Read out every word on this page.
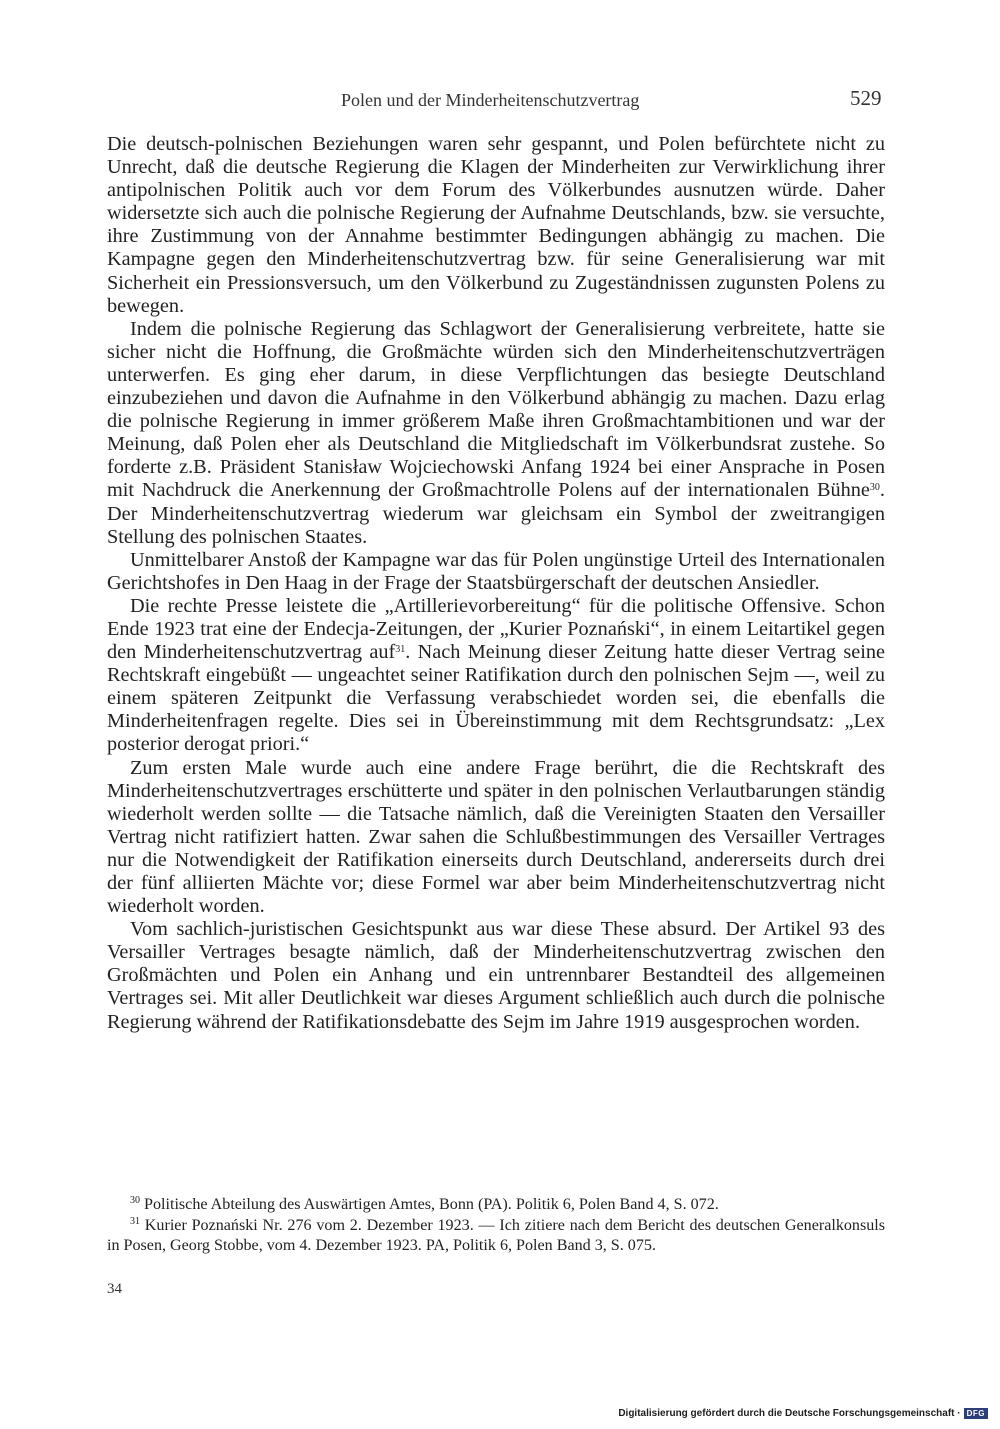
Polen und der Minderheitenschutzvertrag	529

Die deutsch-polnischen Beziehungen waren sehr gespannt, und Polen befürchtete nicht zu Unrecht, daß die deutsche Regierung die Klagen der Minderheiten zur Verwirklichung ihrer antipolnischen Politik auch vor dem Forum des Völkerbundes ausnutzen würde. Daher widersetzte sich auch die polnische Regierung der Aufnahme Deutschlands, bzw. sie versuchte, ihre Zustimmung von der Annahme bestimmter Bedingungen abhängig zu machen. Die Kampagne gegen den Minderheitenschutzvertrag bzw. für seine Generalisierung war mit Sicherheit ein Pressionsversuch, um den Völkerbund zu Zugeständnissen zugunsten Polens zu bewegen.

Indem die polnische Regierung das Schlagwort der Generalisierung verbreitete, hatte sie sicher nicht die Hoffnung, die Großmächte würden sich den Minderheitenschutzverträgen unterwerfen. Es ging eher darum, in diese Verpflichtungen das besiegte Deutschland einzubeziehen und davon die Aufnahme in den Völkerbund abhängig zu machen. Dazu erlag die polnische Regierung in immer größerem Maße ihren Großmachtambitionen und war der Meinung, daß Polen eher als Deutschland die Mitgliedschaft im Völkerbundsrat zustehe. So forderte z.B. Präsident Stanisław Wojciechowski Anfang 1924 bei einer Ansprache in Posen mit Nachdruck die Anerkennung der Großmachtrolle Polens auf der internationalen Bühne$^{30}$. Der Minderheitenschutzvertrag wiederum war gleichsam ein Symbol der zweitrangigen Stellung des polnischen Staates.

Unmittelbarer Anstoß der Kampagne war das für Polen ungünstige Urteil des Internationalen Gerichtshofes in Den Haag in der Frage der Staatsbürgerschaft der deutschen Ansiedler.

Die rechte Presse leistete die „Artillerievorbereitung“ für die politische Offensive. Schon Ende 1923 trat eine der Endecja-Zeitungen, der „Kurier Poznański“, in einem Leitartikel gegen den Minderheitenschutzvertrag auf$^{31}$. Nach Meinung dieser Zeitung hatte dieser Vertrag seine Rechtskraft eingebüßt — ungeachtet seiner Ratifikation durch den polnischen Sejm —, weil zu einem späteren Zeitpunkt die Verfassung verabschiedet worden sei, die ebenfalls die Minderheitenfragen regelte. Dies sei in Übereinstimmung mit dem Rechtsgrundsatz: „Lex posterior derogat priori.“

Zum ersten Male wurde auch eine andere Frage berührt, die die Rechtskraft des Minderheitenschutzvertrages erschütterte und später in den polnischen Verlautbarungen ständig wiederholt werden sollte — die Tatsache nämlich, daß die Vereinigten Staaten den Versailler Vertrag nicht ratifiziert hatten. Zwar sahen die Schlußbestimmungen des Versailler Vertrages nur die Notwendigkeit der Ratifikation einerseits durch Deutschland, andererseits durch drei der fünf alliierten Mächte vor; diese Formel war aber beim Minderheitenschutzvertrag nicht wiederholt worden.

Vom sachlich-juristischen Gesichtspunkt aus war diese These absurd. Der Artikel 93 des Versailler Vertrages besagte nämlich, daß der Minderheitenschutzvertrag zwischen den Großmächten und Polen ein Anhang und ein untrennbarer Bestandteil des allgemeinen Vertrages sei. Mit aller Deutlichkeit war dieses Argument schließlich auch durch die polnische Regierung während der Ratifikationsdebatte des Sejm im Jahre 1919 ausgesprochen worden.

$^{30}$ Politische Abteilung des Auswärtigen Amtes, Bonn (PA). Politik 6, Polen Band 4, S. 072.

$^{31}$ Kurier Poznański Nr. 276 vom 2. Dezember 1923. — Ich zitiere nach dem Bericht des deutschen Generalkonsuls in Posen, Georg Stobbe, vom 4. Dezember 1923. PA, Politik 6, Polen Band 3, S. 075.

34
Digitalisierung gefördert durch die Deutsche Forschungsgemeinschaft · DFG
